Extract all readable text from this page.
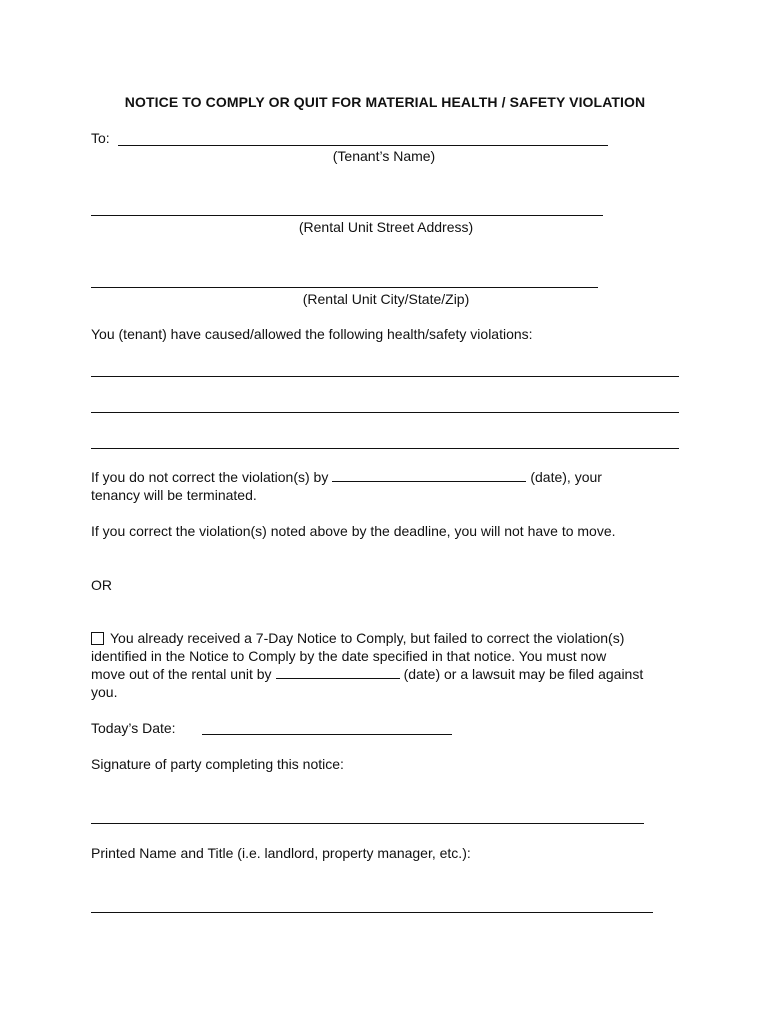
NOTICE TO COMPLY OR QUIT FOR MATERIAL HEALTH / SAFETY VIOLATION
To:
(Tenant’s Name)
(Rental Unit Street Address)
(Rental Unit City/State/Zip)
You (tenant) have caused/allowed the following health/safety violations:
If you do not correct the violation(s) by	(date), your
tenancy will be terminated.
If you correct the violation(s) noted above by the deadline, you will not have to move.
OR
You already received a 7-Day Notice to Comply, but failed to correct the violation(s)
identified in the Notice to Comply by the date specified in that notice. You must now
move out of the rental unit by	(date) or a lawsuit may be filed against
you.
Today’s Date:
Signature of party completing this notice:
Printed Name and Title (i.e. landlord, property manager, etc.):
